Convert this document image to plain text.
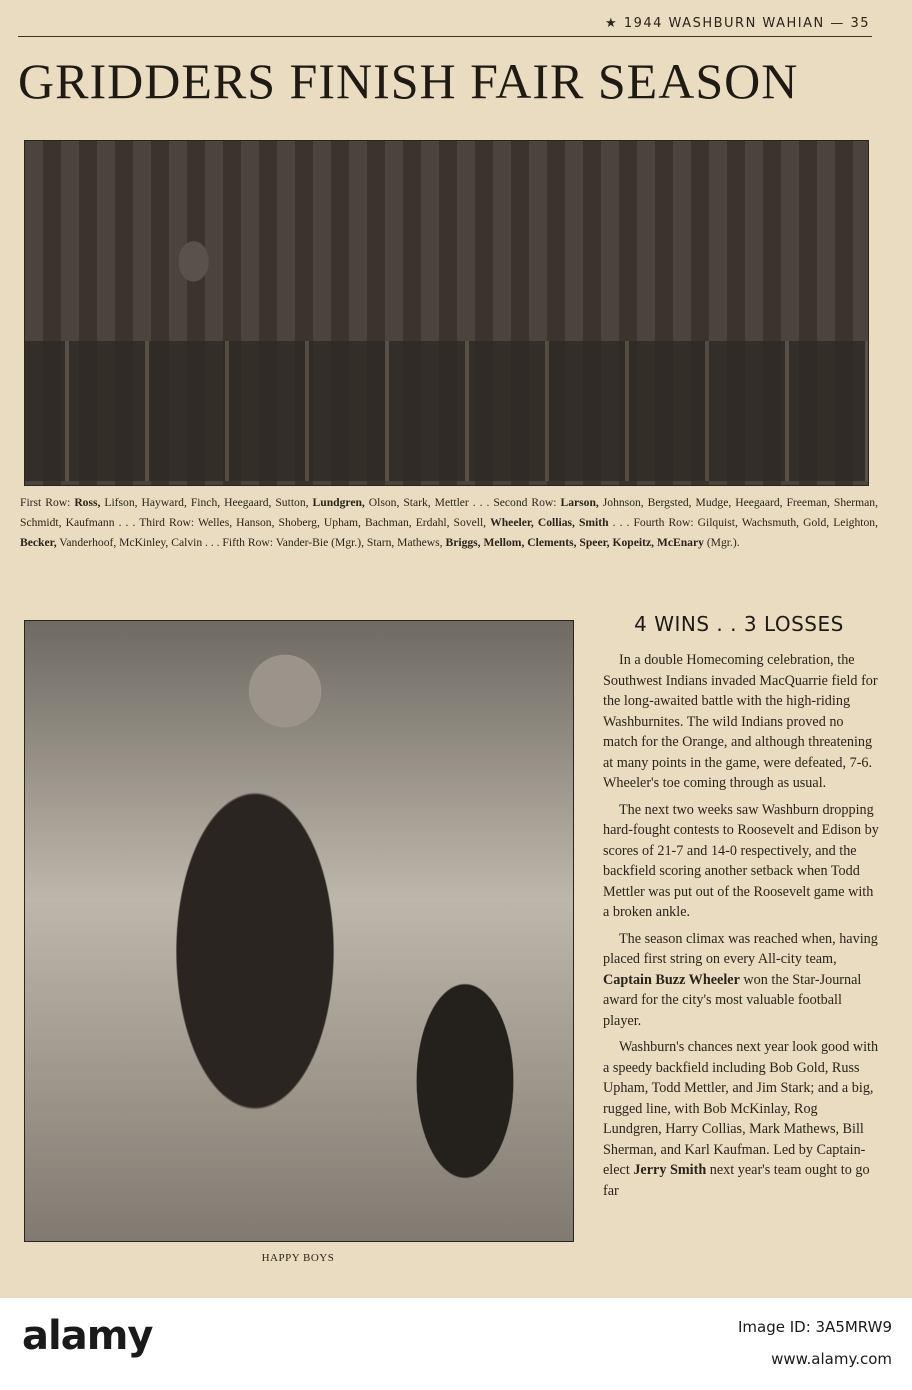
★ 1944 WASHBURN WAHIAN — 35
GRIDDERS FINISH FAIR SEASON
First Row: Ross, Lifson, Hayward, Finch, Heegaard, Sutton, Lundgren, Olson, Stark, Mettler . . . Second Row: Larson, Johnson, Bergsted, Mudge, Heegaard, Freeman, Sherman, Schmidt, Kaufmann . . . Third Row: Welles, Hanson, Shoberg, Upham, Bachman, Erdahl, Sovell, Wheeler, Collias, Smith . . . Fourth Row: Gilquist, Wachsmuth, Gold, Leighton, Becker, Vanderhoof, McKinley, Calvin . . . Fifth Row: Vander-Bie (Mgr.), Starn, Mathews, Briggs, Mellom, Clements, Speer, Kopeitz, McEnary (Mgr.).
HAPPY BOYS
4 WINS . . 3 LOSSES

In a double Homecoming celebration, the Southwest Indians invaded MacQuarrie field for the long-awaited battle with the high-riding Washburnites. The wild Indians proved no match for the Orange, and although threatening at many points in the game, were defeated, 7-6. Wheeler's toe coming through as usual.

The next two weeks saw Washburn dropping hard-fought contests to Roosevelt and Edison by scores of 21-7 and 14-0 respectively, and the backfield scoring another setback when Todd Mettler was put out of the Roosevelt game with a broken ankle.

The season climax was reached when, having placed first string on every All-city team, Captain Buzz Wheeler won the Star-Journal award for the city's most valuable football player.

Washburn's chances next year look good with a speedy backfield including Bob Gold, Russ Upham, Todd Mettler, and Jim Stark; and a big, rugged line, with Bob McKinlay, Rog Lundgren, Harry Collias, Mark Mathews, Bill Sherman, and Karl Kaufman. Led by Captain-elect Jerry Smith next year's team ought to go far

alamy	Image ID: 3A5MRW9
www.alamy.com
